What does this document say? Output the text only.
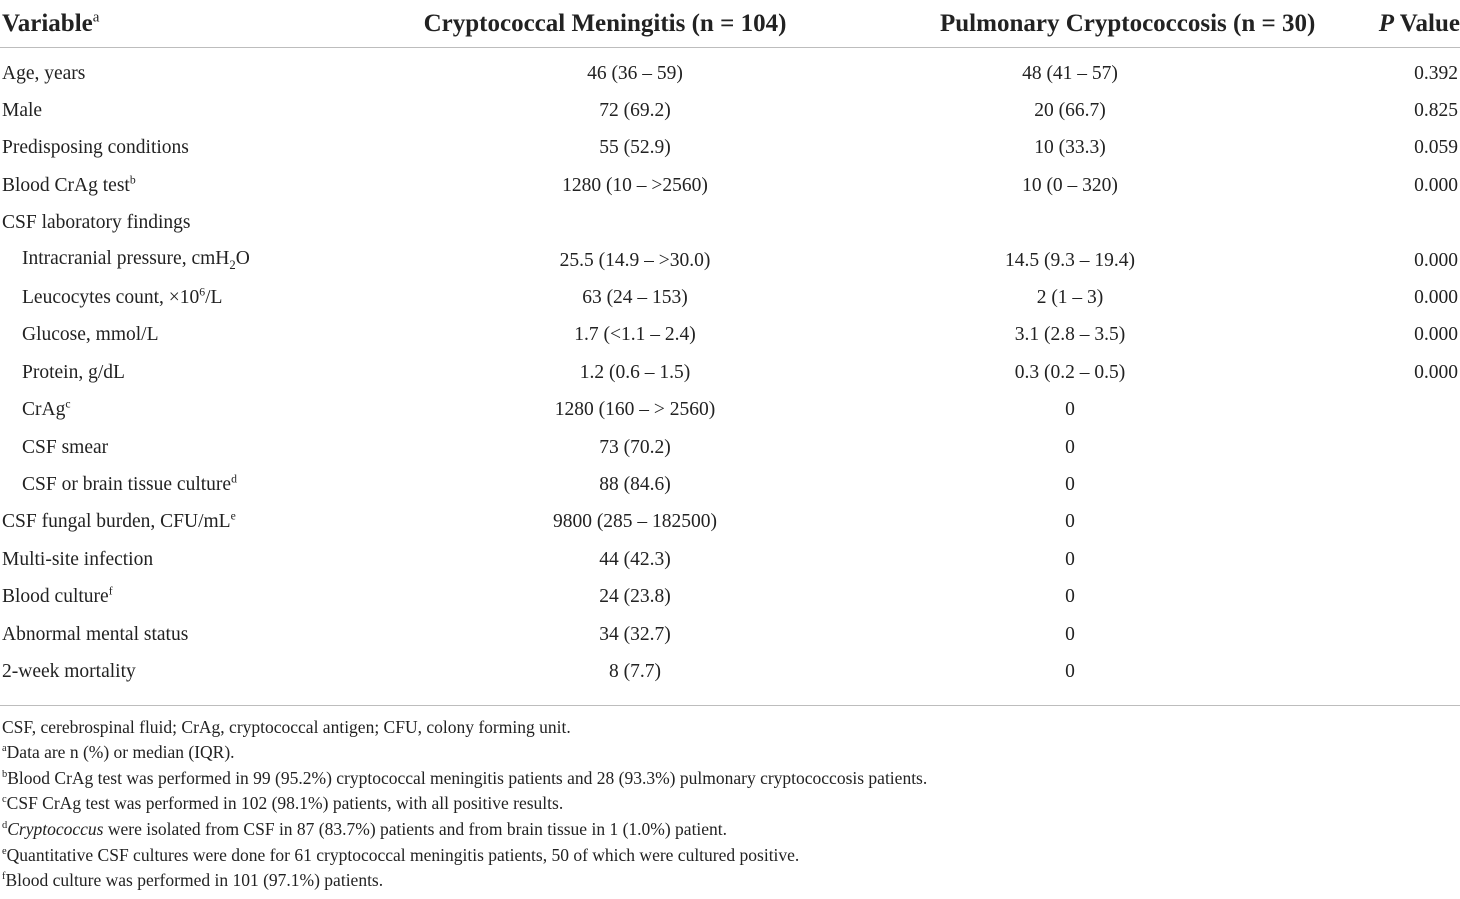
Variable$^a$	Cryptococcal Meningitis (n = 104)	Pulmonary Cryptococcosis (n = 30)	P Value
Age, years	46 (36 – 59)	48 (41 – 57)	0.392
Male	72 (69.2)	20 (66.7)	0.825
Predisposing conditions	55 (52.9)	10 (33.3)	0.059
Blood CrAg test$^b$	1280 (10 – >2560)	10 (0 – 320)	0.000
CSF laboratory findings			
Intracranial pressure, cmH$_2$O	25.5 (14.9 – >30.0)	14.5 (9.3 – 19.4)	0.000
Leucocytes count, $\times 10^6/L$	63 (24 – 153)	2 (1 – 3)	0.000
Glucose, mmol/L	1.7 (<1.1 – 2.4)	3.1 (2.8 – 3.5)	0.000
Protein, g/dL	1.2 (0.6 – 1.5)	0.3 (0.2 – 0.5)	0.000
CrAg$^c$	1280 (160 – > 2560)	0	
CSF smear	73 (70.2)	0	
CSF or brain tissue culture$^d$	88 (84.6)	0	
CSF fungal burden, CFU/$mL^e$	9800 (285 – 182500)	0	
Multi-site infection	44 (42.3)	0	
Blood culture$^f$	24 (23.8)	0	
Abnormal mental status	34 (32.7)	0	
2-week mortality	8 (7.7)	0	
CSF, cerebrospinal fluid; CrAg, cryptococcal antigen; CFU, colony forming unit.
$^a$Data are n (%) or median (IQR).
$^b$Blood CrAg test was performed in 99 (95.2%) cryptococcal meningitis patients and 28 (93.3%) pulmonary cryptococcosis patients.
$^c$CSF CrAg test was performed in 102 (98.1%) patients, with all positive results.
$^d$Cryptococcus were isolated from CSF in 87 (83.7%) patients and from brain tissue in 1 (1.0%) patient.
$^e$Quantitative CSF cultures were done for 61 cryptococcal meningitis patients, 50 of which were cultured positive.
$^f$Blood culture was performed in 101 (97.1%) patients.
